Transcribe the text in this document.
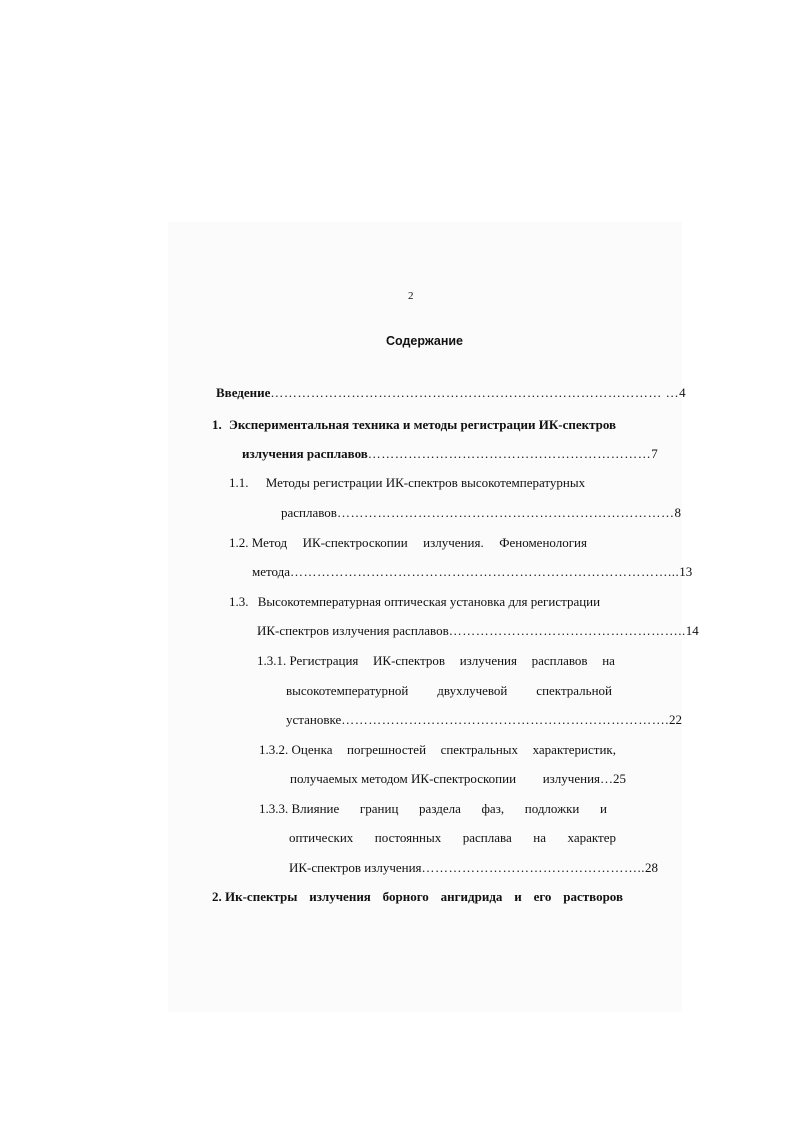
2
Содержание
Введение …………………………………………………………………………… … 4
1. Экспериментальная техника и методы регистрации ИК-спектров
излучения расплавов ……………………………………………………… 7
1.1. Методы регистрации ИК-спектров высокотемпературных
расплавов ………………………………………………………………… 8
1.2. Метод ИК-спектроскопии излучения. Феноменология
метода …………………………………………………………………………... 13
1.3. Высокотемпературная оптическая установка для регистрации
ИК-спектров излучения расплавов …………………………………………….. 14
1.3.1. Регистрация ИК-спектров излучения расплавов на
высокотемпературной двухлучевой спектральной
установке ………………………………………………………………. 22
1.3.2. Оценка погрешностей спектральных характеристик,
получаемых методом ИК-спектроскопии излучения…25
1.3.3. Влияние границ раздела фаз, подложки и
оптических постоянных расплава на характер
ИК-спектров излучения ………………………………………….. 28
2. Ик-спектры излучения борного ангидрида и его растворов
